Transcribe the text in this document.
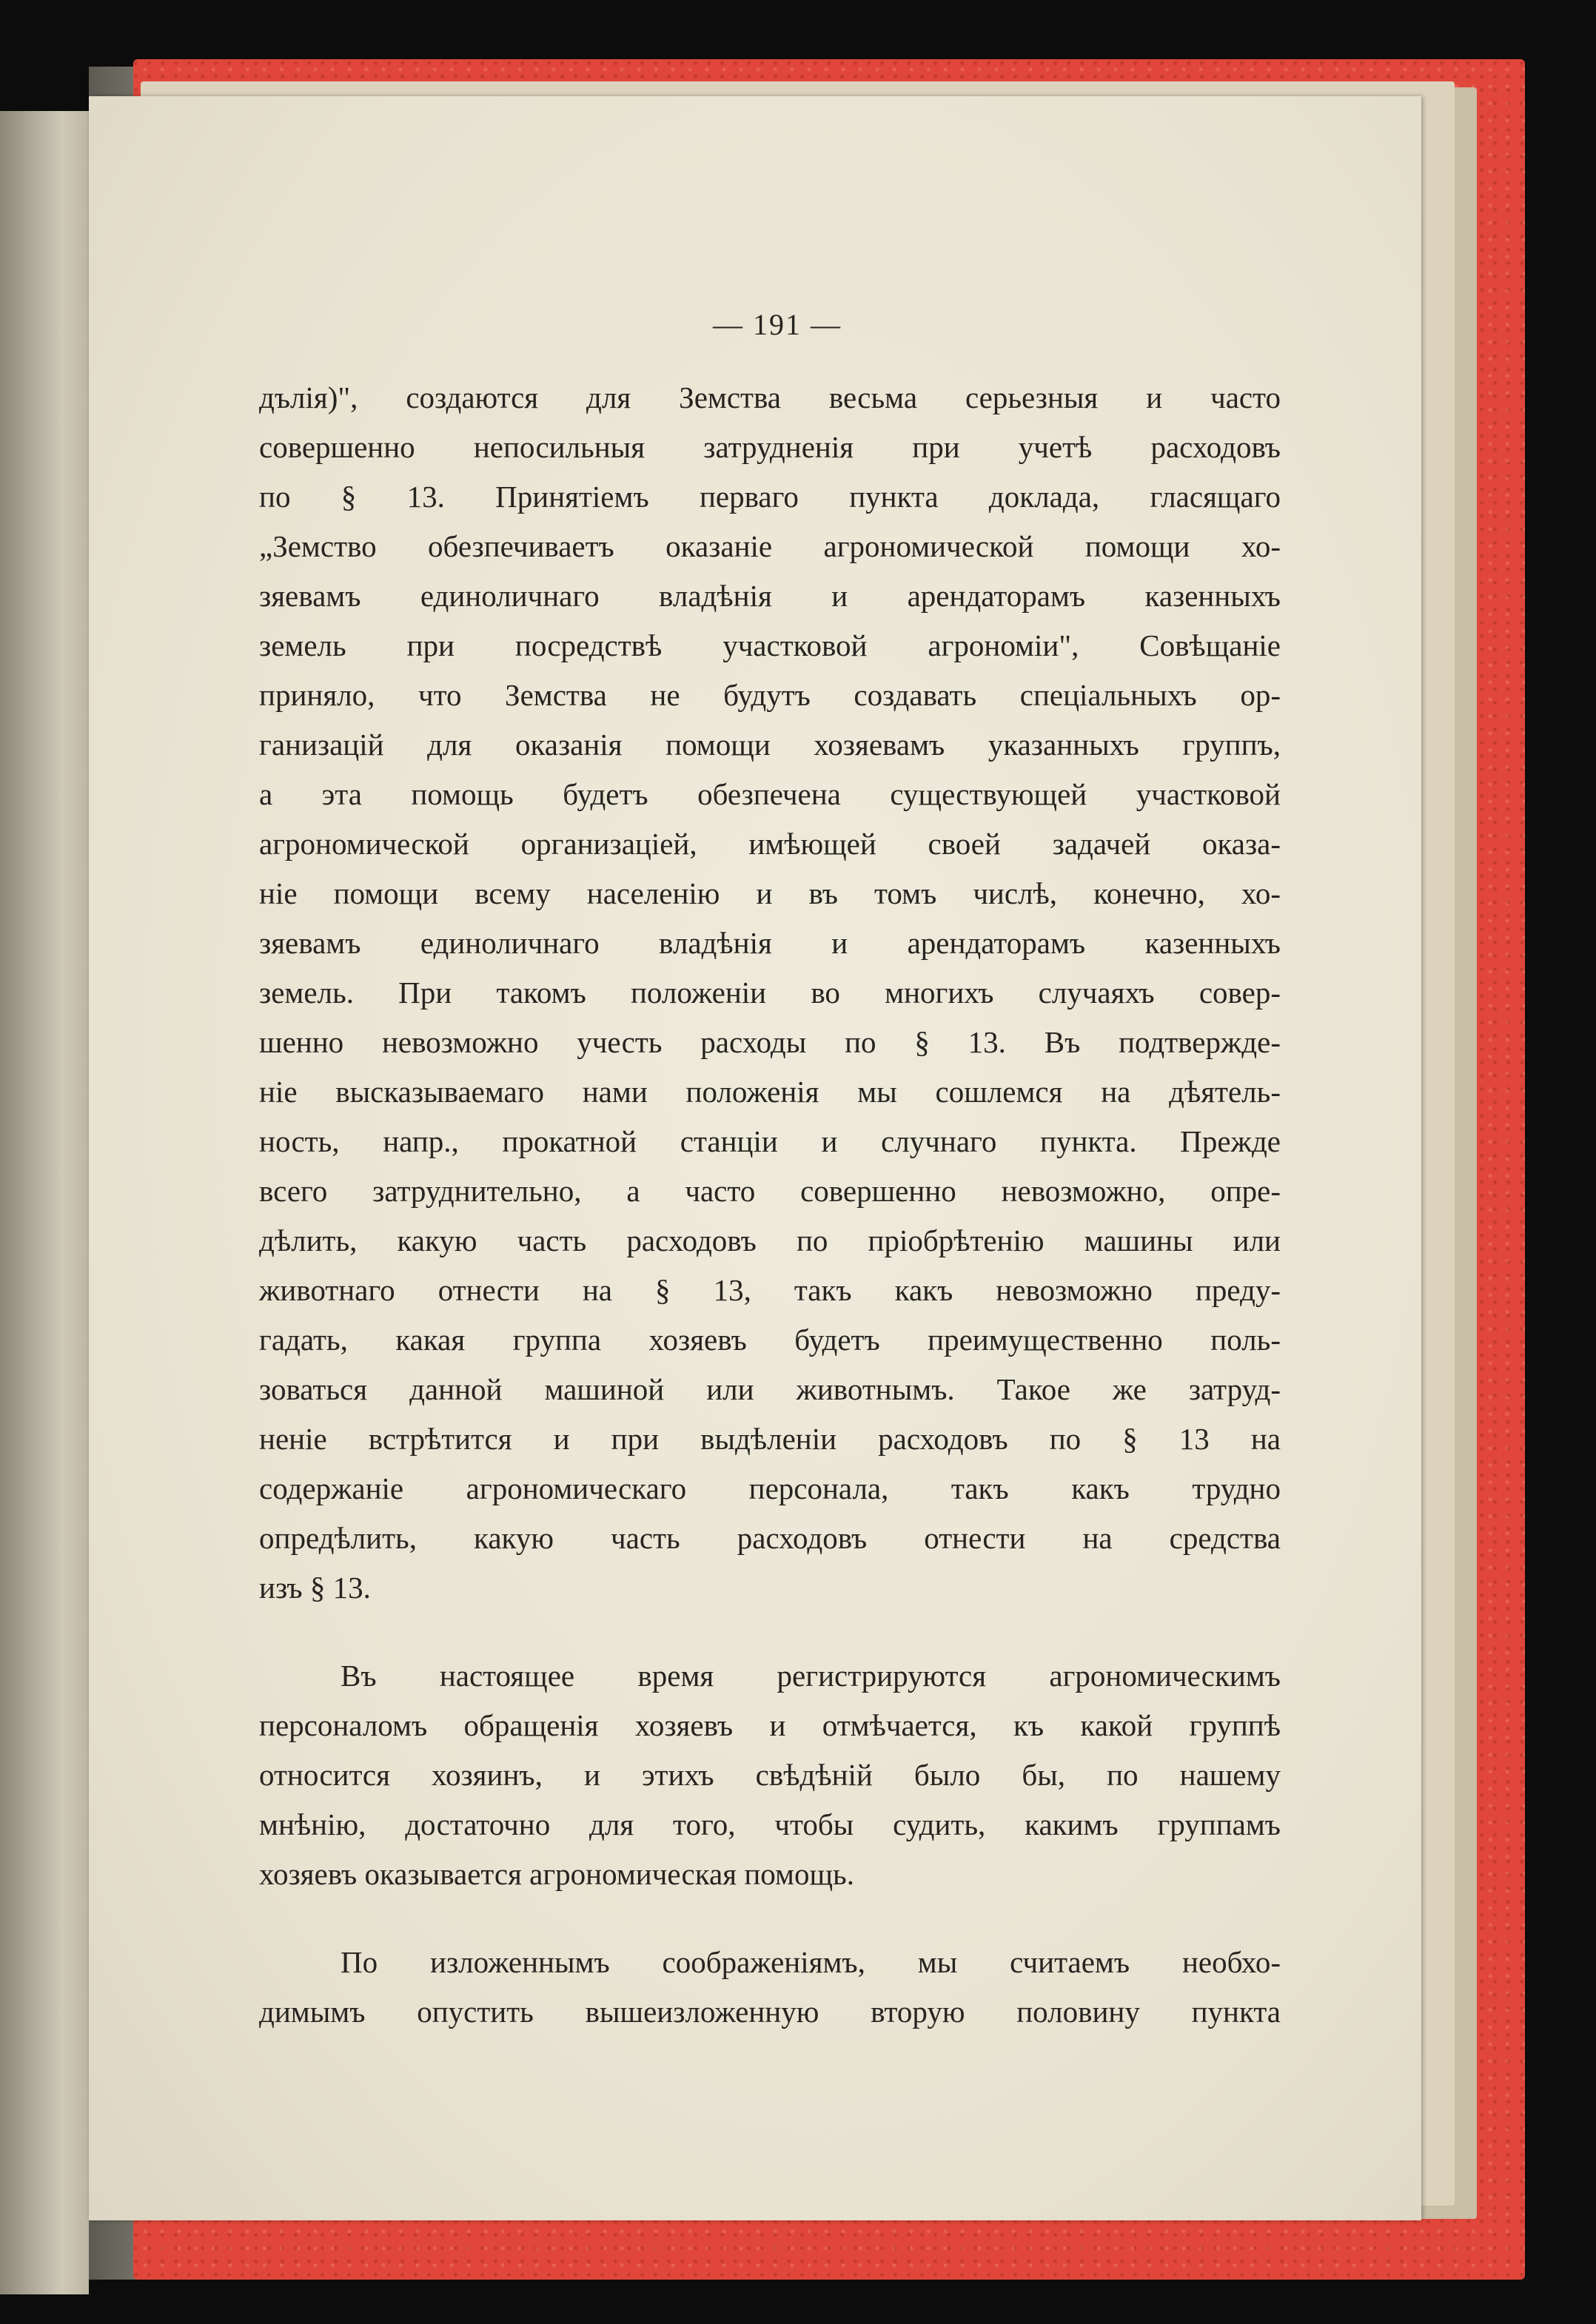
— 191 —
дълія)", создаются для Земства весьма серьезныя и часто
совершенно непосильныя затрудненія при учетѣ расходовъ
по § 13. Принятіемъ перваго пункта доклада, гласящаго
„Земство обезпечиваетъ оказаніе агрономической помощи хо-
зяевамъ единоличнаго владѣнія и арендаторамъ казенныхъ
земель при посредствѣ участковой агрономіи", Совѣщаніе
приняло, что Земства не будутъ создавать спеціальныхъ ор-
ганизацій для оказанія помощи хозяевамъ указанныхъ группъ,
а эта помощь будетъ обезпечена существующей участковой
агрономической организаціей, имѣющей своей задачей оказа-
ніе помощи всему населенію и въ томъ числѣ, конечно, хо-
зяевамъ единоличнаго владѣнія и арендаторамъ казенныхъ
земель. При такомъ положеніи во многихъ случаяхъ совер-
шенно невозможно учесть расходы по § 13. Въ подтвержде-
ніе высказываемаго нами положенія мы сошлемся на дѣятель-
ность, напр., прокатной станціи и случнаго пункта. Прежде
всего затруднительно, а часто совершенно невозможно, опре-
дѣлить, какую часть расходовъ по пріобрѣтенію машины или
животнаго отнести на § 13, такъ какъ невозможно преду-
гадать, какая группа хозяевъ будетъ преимущественно поль-
зоваться данной машиной или животнымъ. Такое же затруд-
неніе встрѣтится и при выдѣленіи расходовъ по § 13 на
содержаніе агрономическаго персонала, такъ какъ трудно
опредѣлить, какую часть расходовъ отнести на средства
изъ § 13.
Въ настоящее время регистрируются агрономическимъ
персоналомъ обращенія хозяевъ и отмѣчается, къ какой группѣ
относится хозяинъ, и этихъ свѣдѣній было бы, по нашему
мнѣнію, достаточно для того, чтобы судить, какимъ группамъ
хозяевъ оказывается агрономическая помощь.
По изложеннымъ соображеніямъ, мы считаемъ необхо-
димымъ опустить вышеизложенную вторую половину пункта
